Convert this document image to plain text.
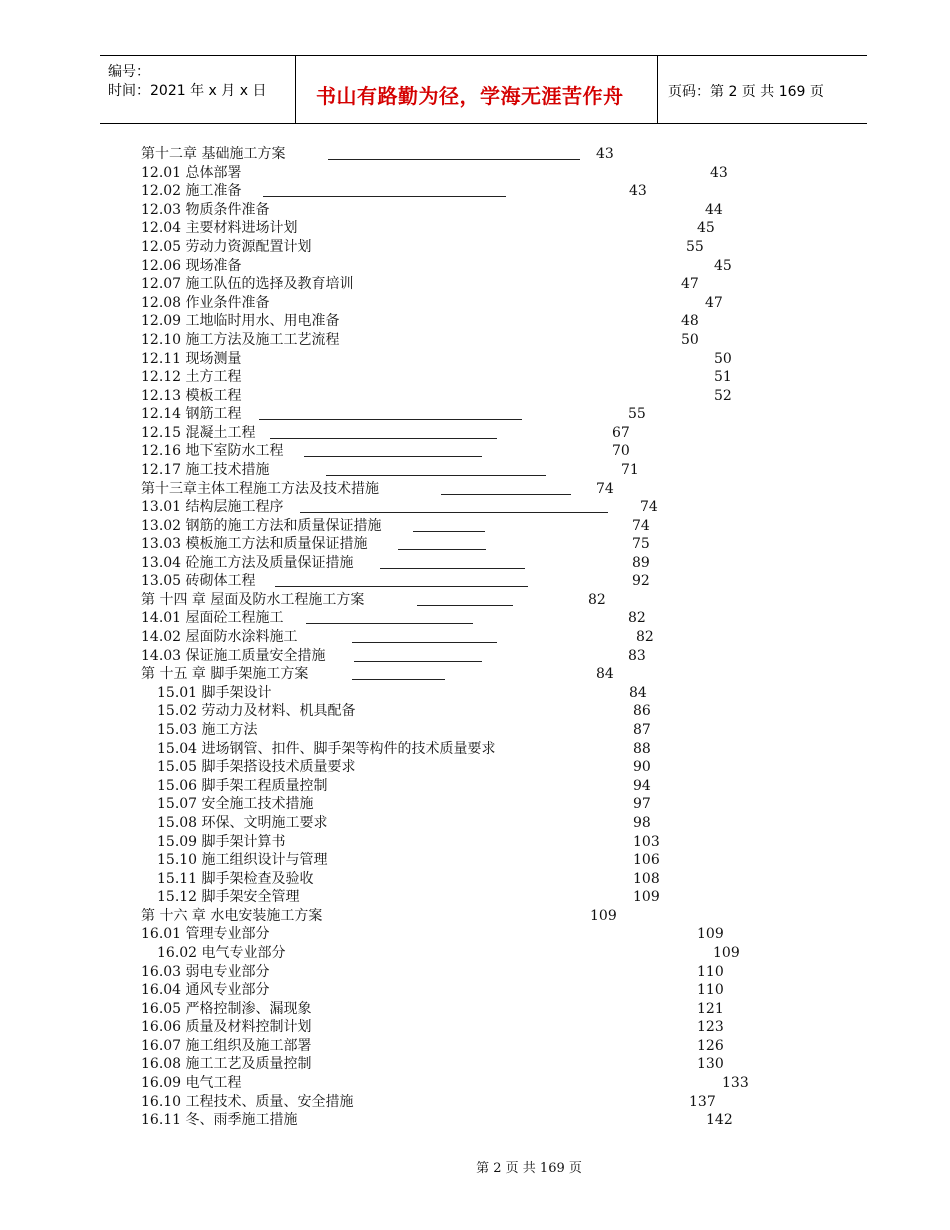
编号：
时间：2021 年 x 月 x 日 书山有路勤为径，学海无涯苦作舟	页码：第 2 页 共 169 页
第十二章 基础施工方案	43
12.01 总体部署	43
12.02 施工准备	43
12.03 物质条件准备	44
12.04 主要材料进场计划	45
12.05 劳动力资源配置计划	55
12.06 现场准备	45
12.07 施工队伍的选择及教育培训	47
12.08 作业条件准备	47
12.09 工地临时用水、用电准备	48
12.10 施工方法及施工工艺流程	50
12.11 现场测量	50
12.12 土方工程	51
12.13 模板工程	52
12.14 钢筋工程	55
12.15 混凝土工程	67
12.16 地下室防水工程	70
12.17 施工技术措施	71
第十三章主体工程施工方法及技术措施	74
13.01 结构层施工程序	74
13.02 钢筋的施工方法和质量保证措施	74
13.03 模板施工方法和质量保证措施	75
13.04 砼施工方法及质量保证措施	89
13.05 砖砌体工程	92
第 十四 章 屋面及防水工程施工方案	82
14.01 屋面砼工程施工	82
14.02 屋面防水涂料施工	82
14.03 保证施工质量安全措施	83
第 十五 章 脚手架施工方案	84
15.01 脚手架设计	84
15.02 劳动力及材料、机具配备	86
15.03 施工方法	87
15.04 进场钢管、扣件、脚手架等构件的技术质量要求	88
15.05 脚手架搭设技术质量要求	90
15.06 脚手架工程质量控制	94
15.07 安全施工技术措施	97
15.08 环保、文明施工要求	98
15.09 脚手架计算书	103
15.10 施工组织设计与管理	106
15.11 脚手架检查及验收	108
15.12 脚手架安全管理	109
第 十六 章 水电安装施工方案	109
16.01 管理专业部分	109
16.02 电气专业部分	109
16.03 弱电专业部分	110
16.04 通风专业部分	110
16.05 严格控制渗、漏现象	121
16.06 质量及材料控制计划	123
16.07 施工组织及施工部署	126
16.08 施工工艺及质量控制	130
16.09 电气工程	133
16.10 工程技术、质量、安全措施	137
16.11 冬、雨季施工措施	142
第 2 页 共 169 页
